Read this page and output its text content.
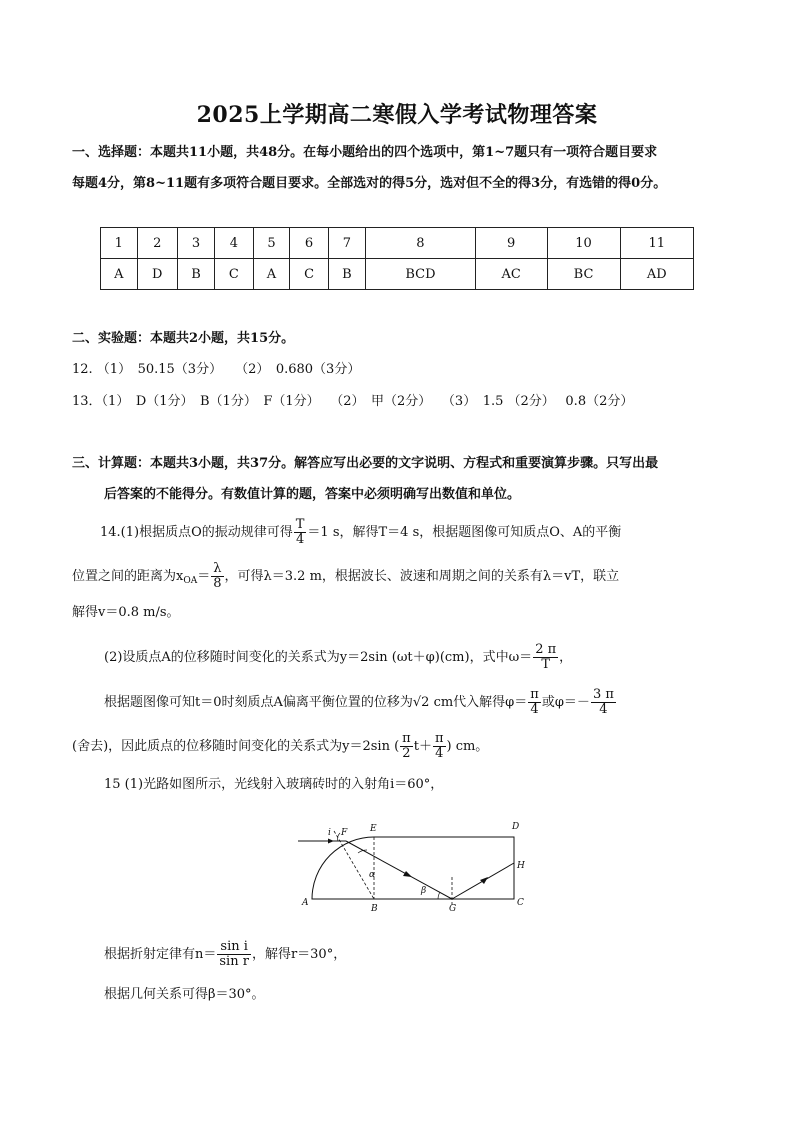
2025上学期高二寒假入学考试物理答案
一、选择题：本题共11小题，共48分。在每小题给出的四个选项中，第1~7题只有一项符合题目要求
每题4分，第8~11题有多项符合题目要求。全部选对的得5分，选对但不全的得3分，有选错的得0分。
1	2	3	4	5	6	7	8	9	10	11
A	D	B	C	A	C	B	BCD	AC	BC	AD
二、实验题：本题共2小题，共15分。
12. （1）　50.15（3分）　　（2）　0.680（3分）
13．（1）　D（1分）　B（1分）　F（1分）　 （2）　甲（2分）　 （3）　1.5 （2分）　 0.8（2分）
三、计算题：本题共3小题，共37分。解答应写出必要的文字说明、方程式和重要演算步骤。只写出最
后答案的不能得分。有数值计算的题，答案中必须明确写出数值和单位。
14.(1)根据质点O的振动规律可得 $\frac{T}{4} =1$ s，解得T＝4 s，根据题图像可知质点O、A的平衡
位置之间的距离为$x_{OA}= \frac{\lambda}{8}$ ，可得λ＝3.2 m，根据波长、波速和周期之间的关系有λ＝vT，联立
解得v＝0.8 m/s。
(2)设质点A的位移随时间变化的关系式为y＝2sin (ωt＋φ)(cm)，式中$\omega= \frac{2 \pi}{T}$ ，
根据题图像可知t＝0时刻质点A偏离平衡位置的位移为√2 cm代入解得$\varphi= \frac{\pi}{4}$ 或$\varphi=- \frac{3 \pi}{4}$
(舍去)，因此质点的位移随时间变化的关系式为y＝2sin ( $\frac{\pi}{2} t+ \frac{\pi}{4}$ ) cm。
15 (1)光路如图所示，光线射入玻璃砖时的入射角i＝60°，
E	D
F
i
H
α
β
A
B	G
C
根据折射定律有$n= \frac{\text{sin i}}{\text{sin r}}$ ，解得r＝30°，
根据几何关系可得β＝30°。
